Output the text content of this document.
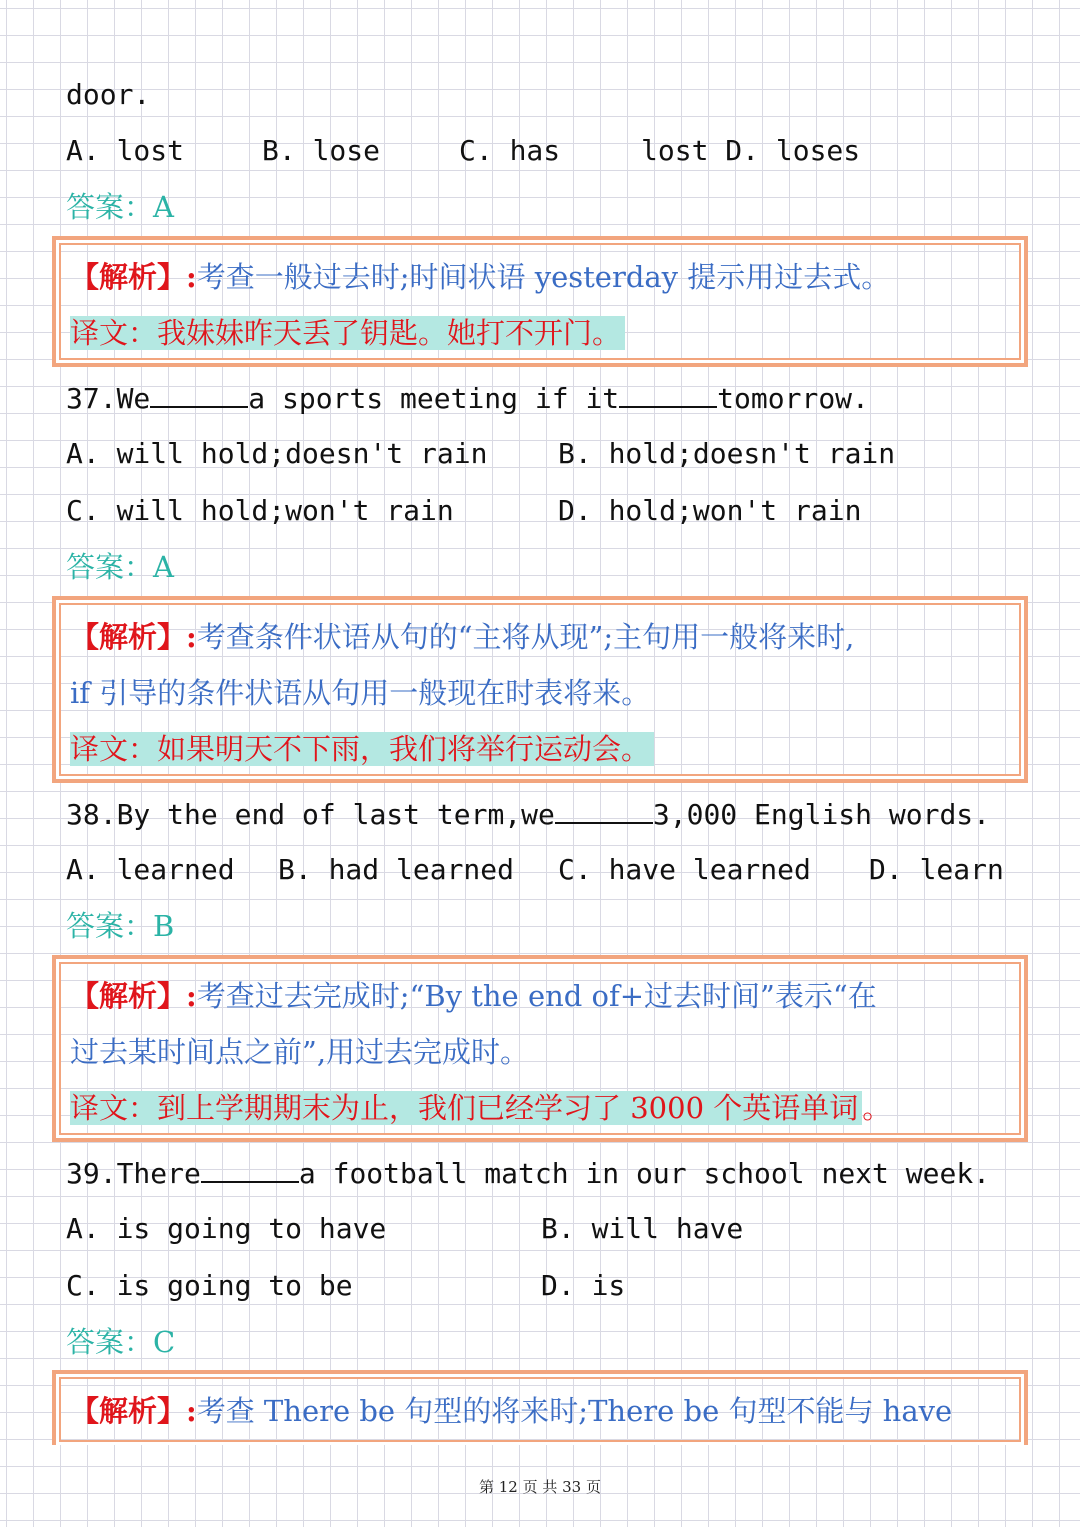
door.
A. lost	B. lose	C. has	lost D. loses
答案：A
【解析】:考查一般过去时;时间状语 yesterday 提示用过去式。
译文：我妹妹昨天丢了钥匙。她打不开门。
37.We	a sports meeting if it	tomorrow.
A. will hold;doesn't rain	B. hold;doesn't rain
C. will hold;won't rain	D. hold;won't rain
答案：A
【解析】:考查条件状语从句的“主将从现”;主句用一般将来时,
if 引导的条件状语从句用一般现在时表将来。
译文：如果明天不下雨，我们将举行运动会。
38.By the end of last term,we	3,000 English words.
A. learned B. had learned C. have learned D. learn
答案：B
【解析】:考查过去完成时;“By the end of+过去时间”表示“在
过去某时间点之前”,用过去完成时。
译文：到上学期期末为止，我们已经学习了 3000 个英语单词 。
39.There	a football match in our school next week.
A. is going to have	B. will have
C. is going to be	D. is
答案：C
【解析】:考查 There be 句型的将来时;There be 句型不能与 have
第 12 页 共 33 页
